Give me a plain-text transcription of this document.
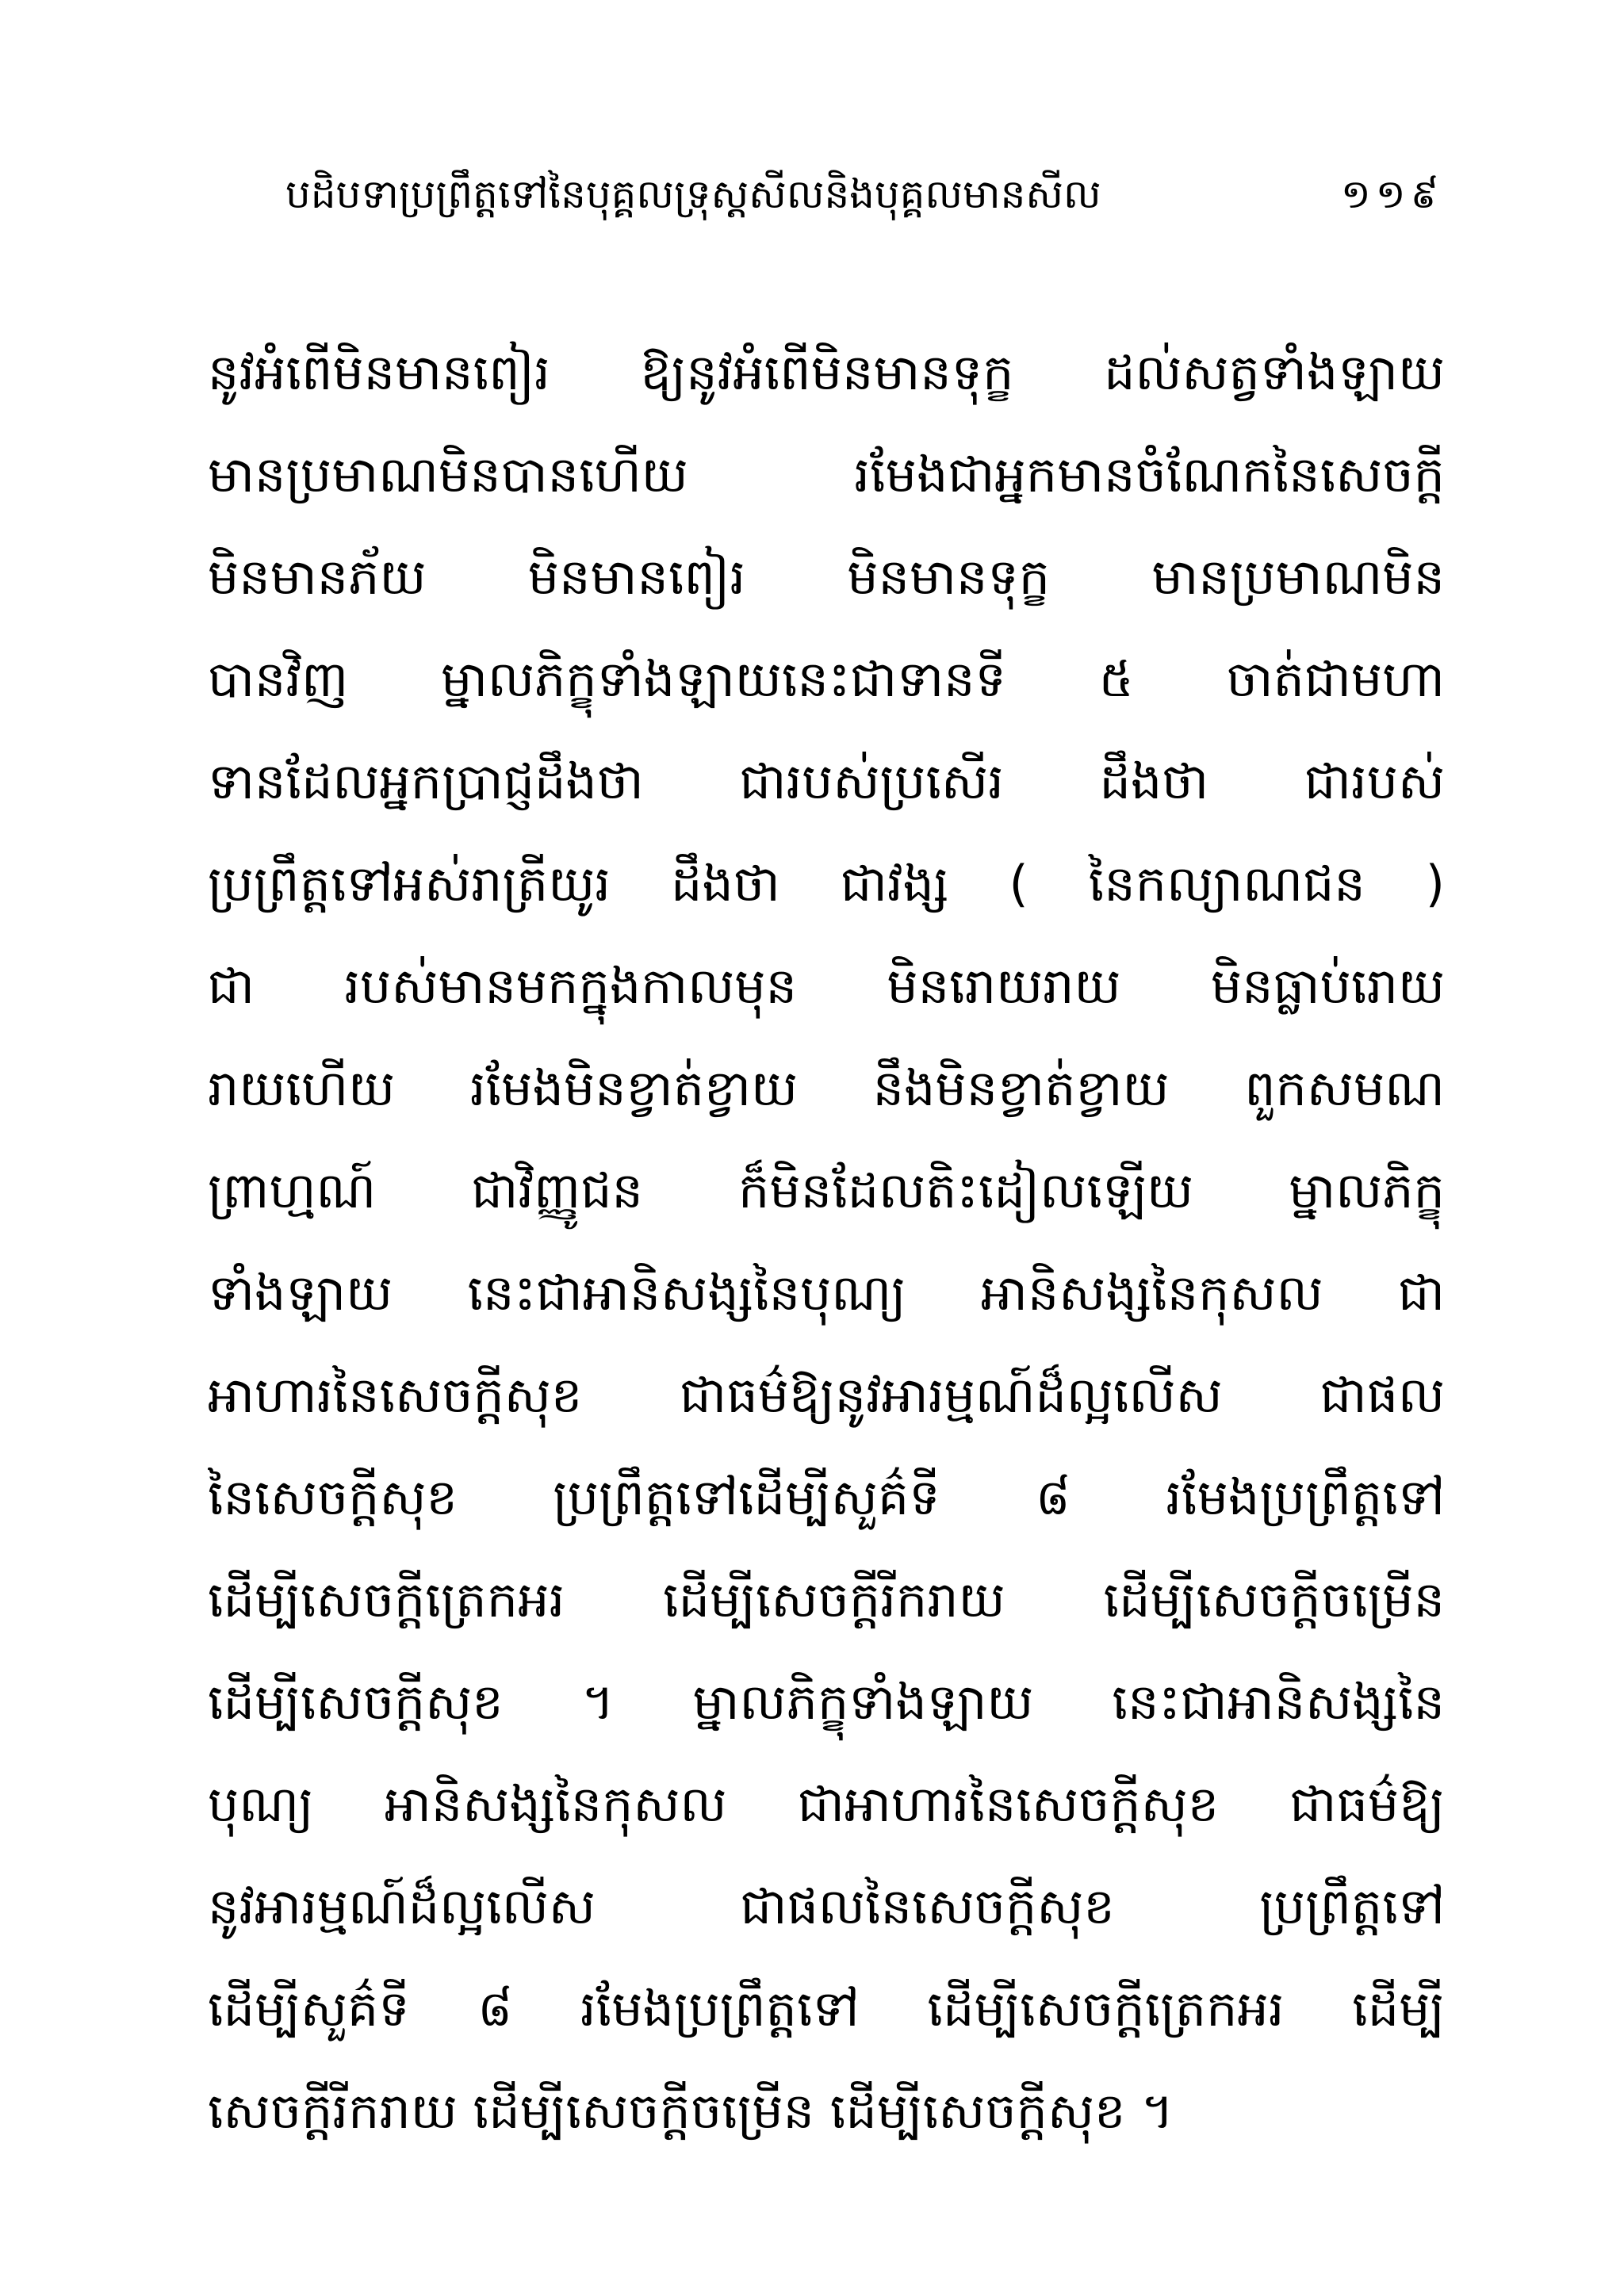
បដិបទាប្រព្រឹត្តទៅនៃបុគ្គលទ្រុស្តសីលនិងបុគ្គលមានសីល	១១៩
នូវអំពើមិនមានពៀរ ឱ្យនូវអំពើមិនមានទុក្ខ ដល់សត្វទាំងឡាយ
មានប្រមាណមិនបានហើយ រមែងជាអ្នកមានចំណែកនៃសេចក្តី
មិនមានភ័យ មិនមានពៀរ មិនមានទុក្ខ មានប្រមាណមិន
បានវិញ ម្នាលភិក្ខុទាំងឡាយនេះជាទានទី ៥ ចាត់ជាមហា
ទានដែលអ្នកប្រាជ្ញដឹងថា ជារបស់ប្រសើរ ដឹងថា ជារបស់
ប្រព្រឹត្តទៅអស់រាត្រីយូរ ដឹងថា ជាវង្ស ( នៃកល្យាណជន )
ជា របស់មានមកក្នុងកាលមុន មិនរោយរាយ មិនធ្លាប់រោយ
រាយហើយ រមែងមិនខ្វាត់ខ្វាយ នឹងមិនខ្វាត់ខ្វាយ ពួកសមណ
ព្រាហ្មណ៍ ជាវិញ្ញូជន ក៏មិនដែលតិះដៀលឡើយ ម្នាលភិក្ខុ
ទាំងឡាយ នេះជាអានិសង្សនៃបុណ្យ អានិសង្សនៃកុសល ជា
អាហារនៃសេចក្តីសុខ ជាធម៌ឱ្យនូវអារម្មណ៍ដ៏ល្អលើស ជាផល
នៃសេចក្តីសុខ ប្រព្រឹត្តទៅដើម្បីសួគ៌ទី ៨ រមែងប្រព្រឹត្តទៅ
ដើម្បីសេចក្តីត្រេកអរ ដើម្បីសេចក្តីរីករាយ ដើម្បីសេចក្តីចម្រើន
ដើម្បីសេចក្តីសុខ ។ ម្នាលភិក្ខុទាំងឡាយ នេះជាអានិសង្សនៃ
បុណ្យ អានិសង្សនៃកុសល ជាអាហារនៃសេចក្តីសុខ ជាធម៌ឱ្យ
នូវអារម្មណ៍ដ៏ល្អលើស ជាផលនៃសេចក្តីសុខ ប្រព្រឹត្តទៅ
ដើម្បីសួគ៌ទី ៨ រមែងប្រព្រឹត្តទៅ ដើម្បីសេចក្តីត្រេកអរ ដើម្បី
សេចក្តីរីករាយ ដើម្បីសេចក្តីចម្រើន ដើម្បីសេចក្តីសុខ ។
